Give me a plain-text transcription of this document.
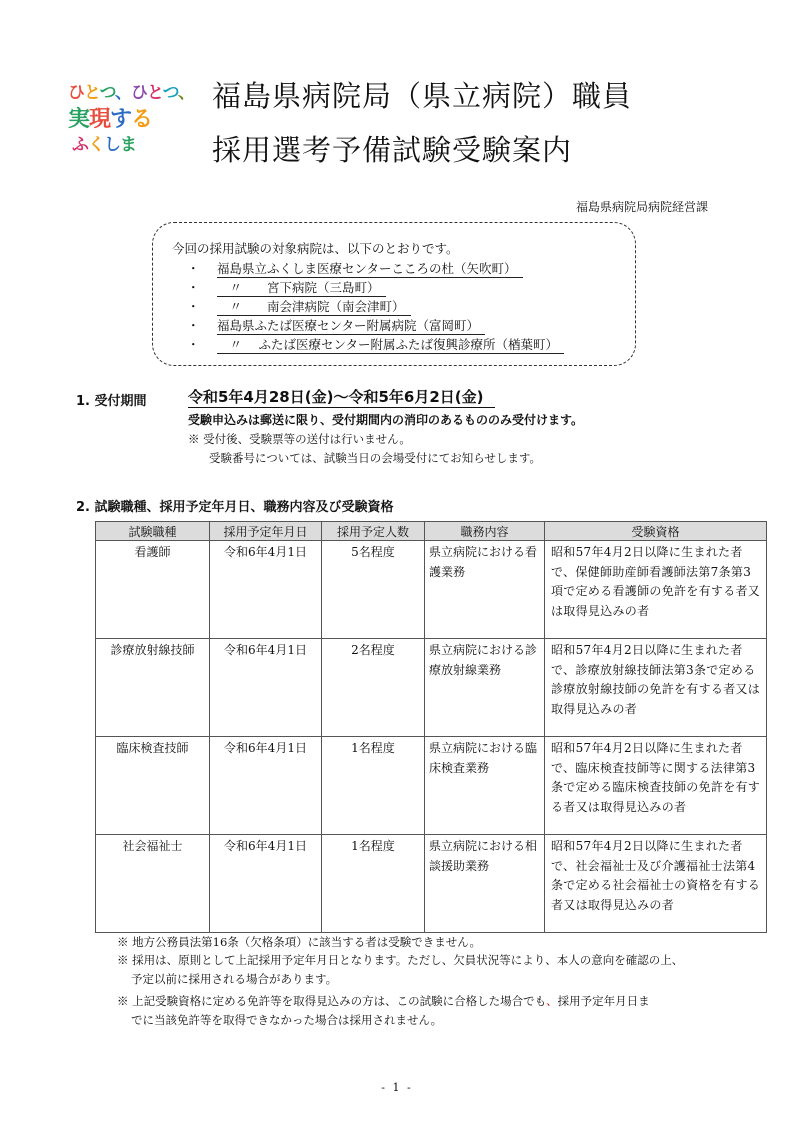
ひとつ、ひとつ、
実現する
ふくしま
福島県病院局（県立病院）職員
採用選考予備試験受験案内
福島県病院局病院経営課
今回の採用試験の対象病院は、以下のとおりです。
・ 福島県立ふくしま医療センターこころの杜（矢吹町）
・　〃　　宮下病院（三島町）
・　〃　　南会津病院（南会津町）
・ 福島県ふたば医療センター附属病院（富岡町）
・　〃　 ふたば医療センター附属ふたば復興診療所（楢葉町）
1. 受付期間	令和5年4月28日(金)～令和5年6月2日(金)
受験申込みは郵送に限り、受付期間内の消印のあるもののみ受付けます。
※ 受付後、受験票等の送付は行いません。
受験番号については、試験当日の会場受付にてお知らせします。
2. 試験職種、採用予定年月日、職務内容及び受験資格
試験職種	採用予定年月日	採用予定人数	職務内容	受験資格
看護師	令和6年4月1日	5名程度	県立病院における看護業務	昭和57年4月2日以降に生まれた者で、保健師助産師看護師法第7条第3項で定める看護師の免許を有する者又は取得見込みの者
診療放射線技師	令和6年4月1日	2名程度	県立病院における診療放射線業務	昭和57年4月2日以降に生まれた者で、診療放射線技師法第3条で定める診療放射線技師の免許を有する者又は取得見込みの者
臨床検査技師	令和6年4月1日	1名程度	県立病院における臨床検査業務	昭和57年4月2日以降に生まれた者で、臨床検査技師等に関する法律第3条で定める臨床検査技師の免許を有する者又は取得見込みの者
社会福祉士	令和6年4月1日	1名程度	県立病院における相談援助業務	昭和57年4月2日以降に生まれた者で、社会福祉士及び介護福祉士法第4条で定める社会福祉士の資格を有する者又は取得見込みの者
※ 地方公務員法第16条（欠格条項）に該当する者は受験できません。
※ 採用は、原則として上記採用予定年月日となります。ただし、欠員状況等により、本人の意向を確認の上、
予定以前に採用される場合があります。
※ 上記受験資格に定める免許等を取得見込みの方は、この試験に合格した場合でも、採用予定年月日ま
でに当該免許等を取得できなかった場合は採用されません。
- 1 -
